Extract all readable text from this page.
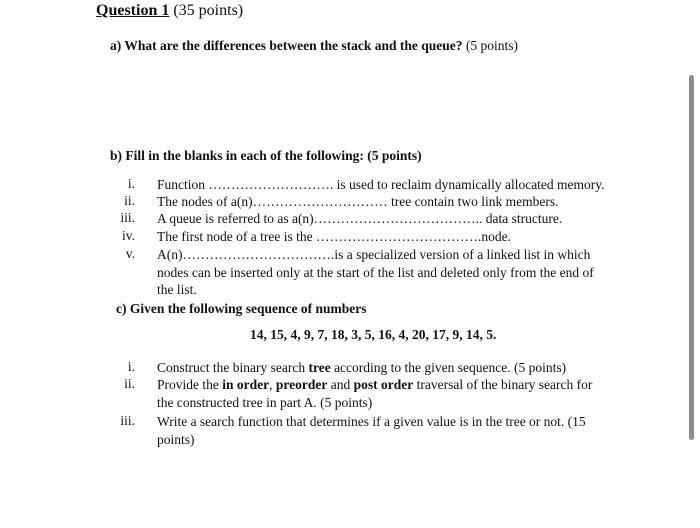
Question 1 (35 points)
a) What are the differences between the stack and the queue? (5 points)
b) Fill in the blanks in each of the following: (5 points)
i. Function ………………………. is used to reclaim dynamically allocated memory.
ii. The nodes of a(n)………………………… tree contain two link members.
iii. A queue is referred to as a(n)……………………………….. data structure.
iv. The first node of a tree is the ……………………………….node.
v. A(n)…………………………….is a specialized version of a linked list in which nodes can be inserted only at the start of the list and deleted only from the end of the list.
c) Given the following sequence of numbers
14, 15, 4, 9, 7, 18, 3, 5, 16, 4, 20, 17, 9, 14, 5.
i. Construct the binary search tree according to the given sequence. (5 points)
ii. Provide the in order, preorder and post order traversal of the binary search for the constructed tree in part A. (5 points)
iii. Write a search function that determines if a given value is in the tree or not. (15 points)
